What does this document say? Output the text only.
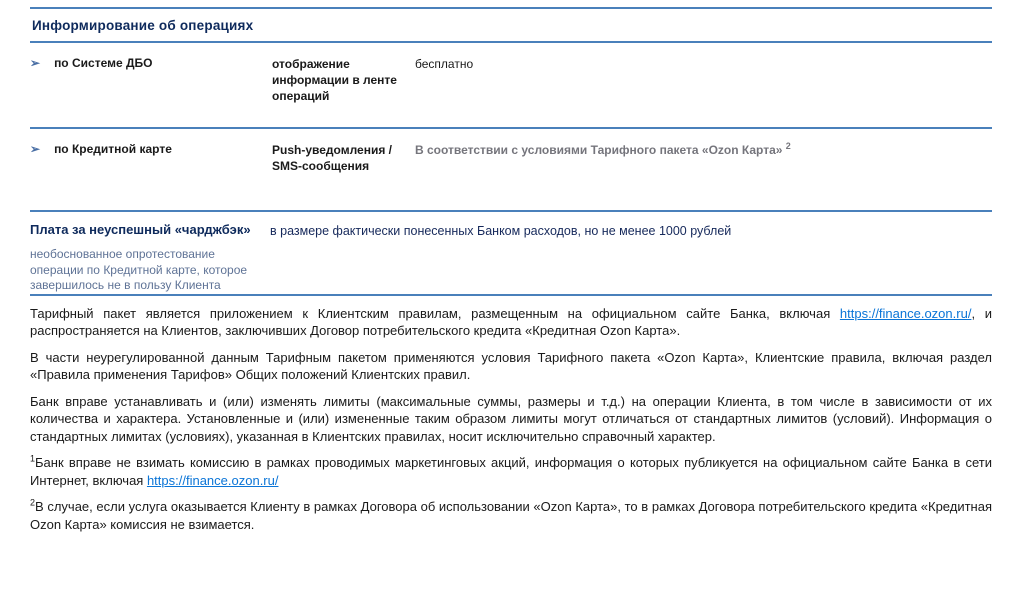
Информирование об операциях
➢ по Системе ДБО	отображение информации в ленте операций
бесплатно
➢ по Кредитной карте	Push-уведомления / SMS-сообщения
В соответствии с условиями Тарифного пакета «Ozon Карта» $^2$
Плата за неуспешный «чарджбэк»
необоснованное опротестование операции по Кредитной карте, которое завершилось не в пользу Клиента
в размере фактически понесенных Банком расходов, но не менее 1000 рублей

Тарифный пакет является приложением к Клиентским правилам, размещенным на официальном сайте Банка, включая https://finance.ozon.ru/, и распространяется на Клиентов, заключивших Договор потребительского кредита «Кредитная Ozon Карта».

В части неурегулированной данным Тарифным пакетом применяются условия Тарифного пакета «Ozon Карта», Клиентские правила, включая раздел «Правила применения Тарифов» Общих положений Клиентских правил.

Банк вправе устанавливать и (или) изменять лимиты (максимальные суммы, размеры и т.д.) на операции Клиента, в том числе в зависимости от их количества и характера. Установленные и (или) измененные таким образом лимиты могут отличаться от стандартных лимитов (условий). Информация о стандартных лимитах (условиях), указанная в Клиентских правилах, носит исключительно справочный характер.

$^1$Банк вправе не взимать комиссию в рамках проводимых маркетинговых акций, информация о которых публикуется на официальном сайте Банка в сети Интернет, включая https://finance.ozon.ru/

$^2$В случае, если услуга оказывается Клиенту в рамках Договора об использовании «Ozon Карта», то в рамках Договора потребительского кредита «Кредитная Ozon Карта» комиссия не взимается.
